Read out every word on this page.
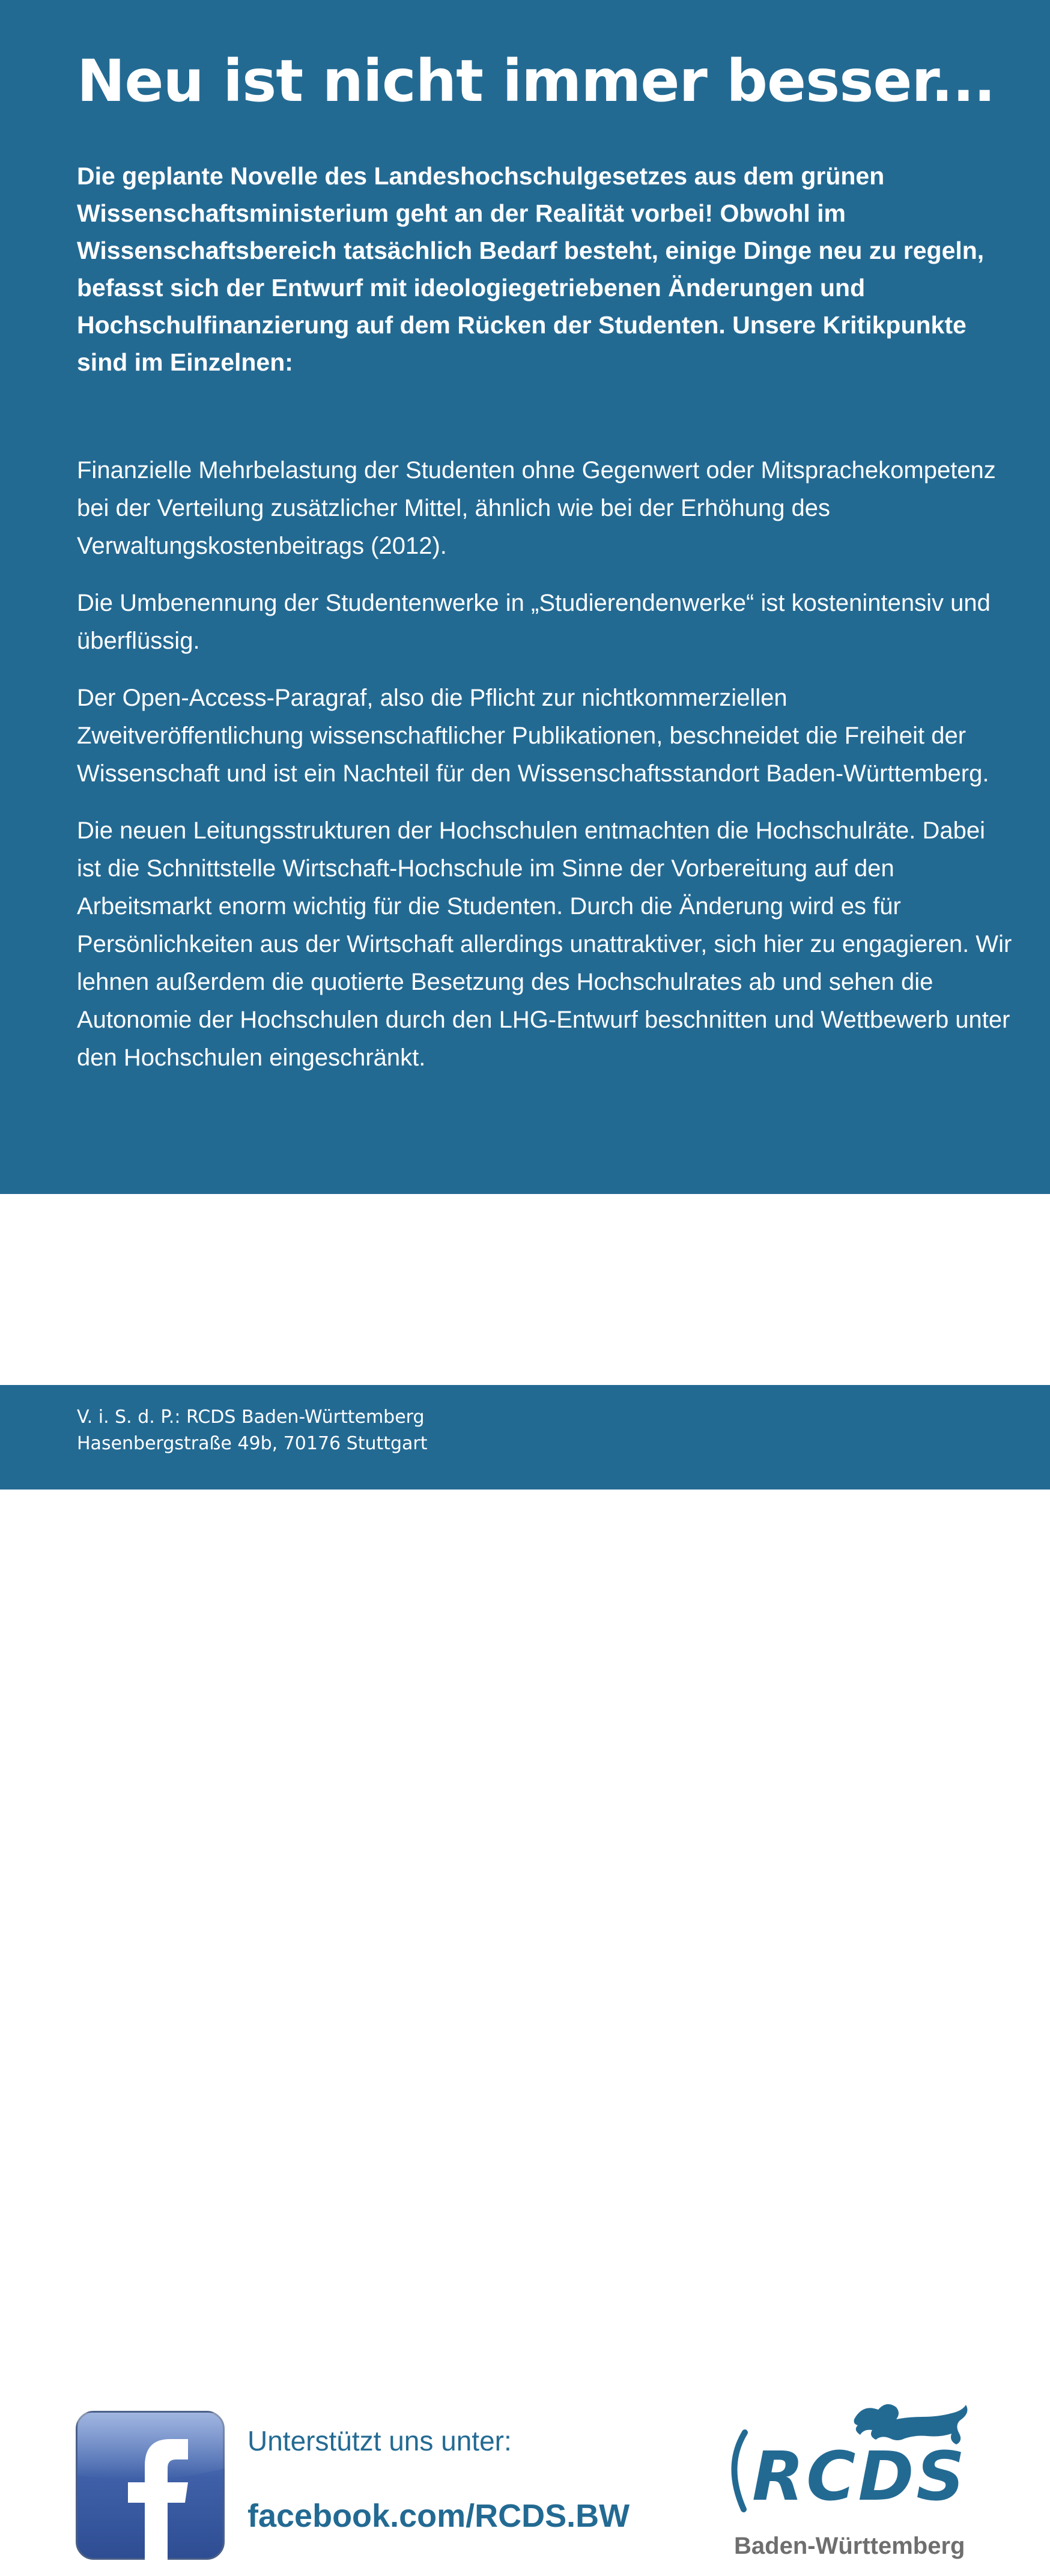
Neu ist nicht immer besser...

Die geplante Novelle des Landeshochschulgesetzes aus dem grünen Wissenschaftsministerium geht an der Realität vorbei! Obwohl im Wissenschaftsbereich tatsächlich Bedarf besteht, einige Dinge neu zu regeln, befasst sich der Entwurf mit ideologiegetriebenen Änderungen und Hochschulfinanzierung auf dem Rücken der Studenten. Unsere Kritikpunkte sind im Einzelnen:

Finanzielle Mehrbelastung der Studenten ohne Gegenwert oder Mitsprachekompetenz bei der Verteilung zusätzlicher Mittel, ähnlich wie bei der Erhöhung des Verwaltungskostenbeitrags (2012).
Die Umbenennung der Studentenwerke in „Studierendenwerke“ ist kostenintensiv und überflüssig.
Der Open-Access-Paragraf, also die Pflicht zur nichtkommerziellen Zweitveröffentlichung wissenschaftlicher Publikationen, beschneidet die Freiheit der Wissenschaft und ist ein Nachteil für den Wissenschaftsstandort Baden-Württemberg.
Die neuen Leitungsstrukturen der Hochschulen entmachten die Hochschulräte. Dabei ist die Schnittstelle Wirtschaft-Hochschule im Sinne der Vorbereitung auf den Arbeitsmarkt enorm wichtig für die Studenten. Durch die Änderung wird es für Persönlichkeiten aus der Wirtschaft allerdings unattraktiver, sich hier zu engagieren. Wir lehnen außerdem die quotierte Besetzung des Hochschulrates ab und sehen die Autonomie der Hochschulen durch den LHG-Entwurf beschnitten und Wettbewerb unter den Hochschulen eingeschränkt.

Unterstützt uns unter:

facebook.com/RCDS.BW RCDS
Baden-Württemberg

V. i. S. d. P.: RCDS Baden-Württemberg
Hasenbergstraße 49b, 70176 Stuttgart
